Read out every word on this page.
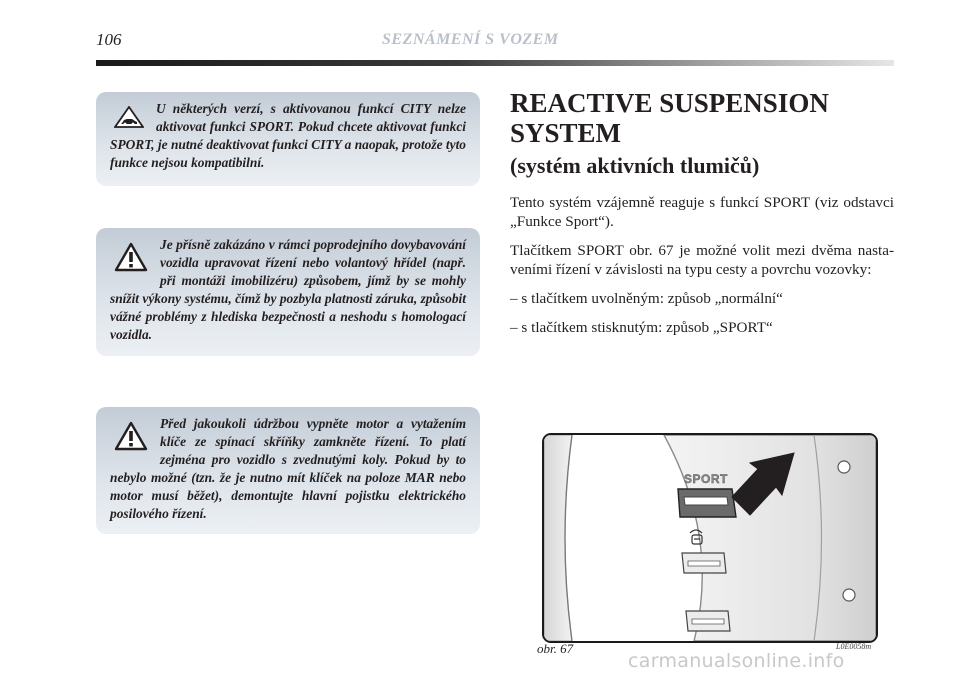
106	SEZNÁMENÍ S VOZEM

U některých verzí, s aktivovanou funkcí CITY nelze aktivovat funkci SPORT. Pokud chcete aktivovat funkci SPORT, je nutné deaktivovat funkci CITY a naopak, protože tyto funkce nejsou kompatibilní.

Je přísně zakázáno v rámci poprodejního dovybavování vozidla upravovat řízení nebo volantový hřídel (např. při montáži imobilizéru) způsobem, jímž by se mohly snížit výkony systému, čímž by pozbyla platnosti záruka, způsobit vážné problémy z hlediska bezpečnosti a neshodu s homologací vozidla.

Před jakoukoli údržbou vypněte motor a vytažením klíče ze spínací skříňky zamkněte řízení. To platí zejména pro vozidlo s zvednutými koly. Pokud by to nebylo možné (tzn. že je nutno mít klíček na poloze MAR nebo motor musí běžet), demontujte hlavní pojistku elektrického posilového řízení.

REACTIVE SUSPENSION SYSTEM
(systém aktivních tlumičů)

Tento systém vzájemně reaguje s funkcí SPORT (viz odstavci „Funkce Sport“).

Tlačítkem SPORT obr. 67 je možné volit mezi dvěma nastaveními řízení v závislosti na typu cesty a povrchu vozovky:

– s tlačítkem uvolněným: způsob „normální“

– s tlačítkem stisknutým: způsob „SPORT“

SPORT
obr. 67	L0E0058m
carmanualsonline.info
